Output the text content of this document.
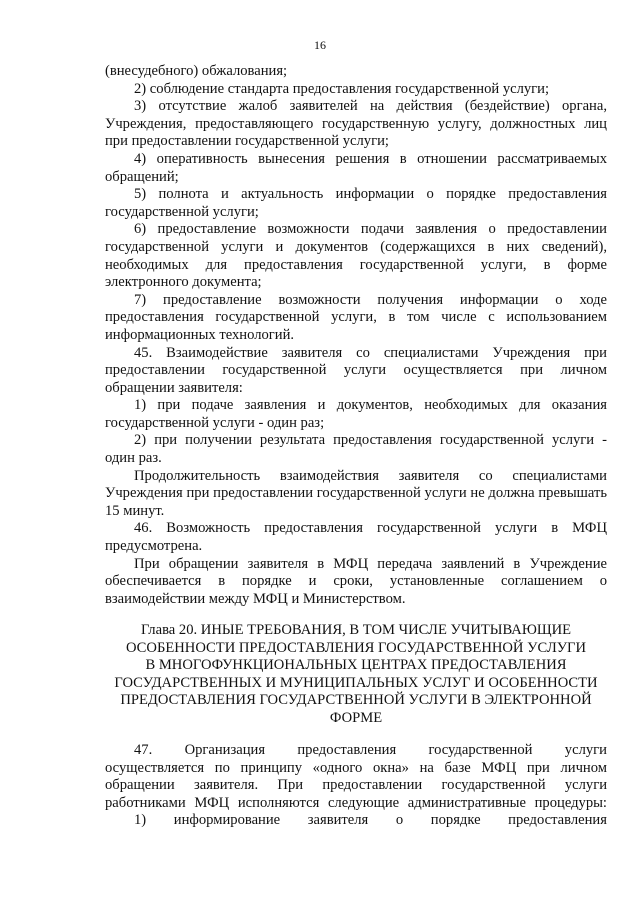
16

(внесудебного) обжалования;

2) соблюдение стандарта предоставления государственной услуги;

3) отсутствие жалоб заявителей на действия (бездействие) органа, Учреждения, предоставляющего государственную услугу, должностных лиц при предоставлении государственной услуги;

4) оперативность вынесения решения в отношении рассматриваемых обращений;

5) полнота и актуальность информации о порядке предоставления государственной услуги;

6) предоставление возможности подачи заявления о предоставлении государственной услуги и документов (содержащихся в них сведений), необходимых для предоставления государственной услуги, в форме электронного документа;

7) предоставление возможности получения информации о ходе предоставления государственной услуги, в том числе с использованием информационных технологий.

45. Взаимодействие заявителя со специалистами Учреждения при предоставлении государственной услуги осуществляется при личном обращении заявителя:

1) при подаче заявления и документов, необходимых для оказания государственной услуги - один раз;

2) при получении результата предоставления государственной услуги - один раз.

Продолжительность взаимодействия заявителя со специалистами Учреждения при предоставлении государственной услуги не должна превышать 15 минут.

46. Возможность предоставления государственной услуги в МФЦ предусмотрена.

При обращении заявителя в МФЦ передача заявлений в Учреждение обеспечивается в порядке и сроки, установленные соглашением о взаимодействии между МФЦ и Министерством.

Глава 20. ИНЫЕ ТРЕБОВАНИЯ, В ТОМ ЧИСЛЕ УЧИТЫВАЮЩИЕ
ОСОБЕННОСТИ ПРЕДОСТАВЛЕНИЯ ГОСУДАРСТВЕННОЙ УСЛУГИ
В МНОГОФУНКЦИОНАЛЬНЫХ ЦЕНТРАХ ПРЕДОСТАВЛЕНИЯ
ГОСУДАРСТВЕННЫХ И МУНИЦИПАЛЬНЫХ УСЛУГ И ОСОБЕННОСТИ
ПРЕДОСТАВЛЕНИЯ ГОСУДАРСТВЕННОЙ УСЛУГИ В ЭЛЕКТРОННОЙ
ФОРМЕ
47. Организация предоставления государственной услуги
осуществляется по принципу «одного окна» на базе МФЦ при личном
обращении заявителя. При предоставлении государственной услуги
работниками МФЦ исполняются следующие административные процедуры:
1) информирование заявителя о порядке предоставления
